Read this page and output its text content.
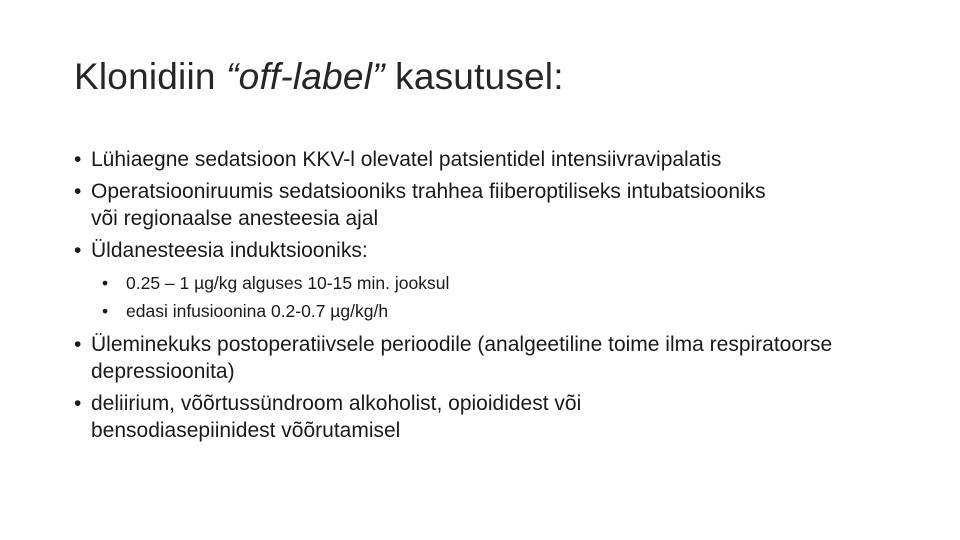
Klonidiin “off-label” kasutusel:
• Lühiaegne sedatsioon KKV-l olevatel patsientidel intensiivravipalatis
• Operatsiooniruumis sedatsiooniks trahhea fiiberoptiliseks intubatsiooniks või regionaalse anesteesia ajal
• Üldanesteesia induktsiooniks:
• 0.25 – 1 µg/kg alguses 10-15 min. jooksul
• edasi infusioonina 0.2-0.7 µg/kg/h
• Üleminekuks postoperatiivsele perioodile (analgeetiline toime ilma respiratoorse depressioonita)
• deliirium, võõrtussündroom alkoholist, opioididest või bensodiasepiinidest võõrutamisel
